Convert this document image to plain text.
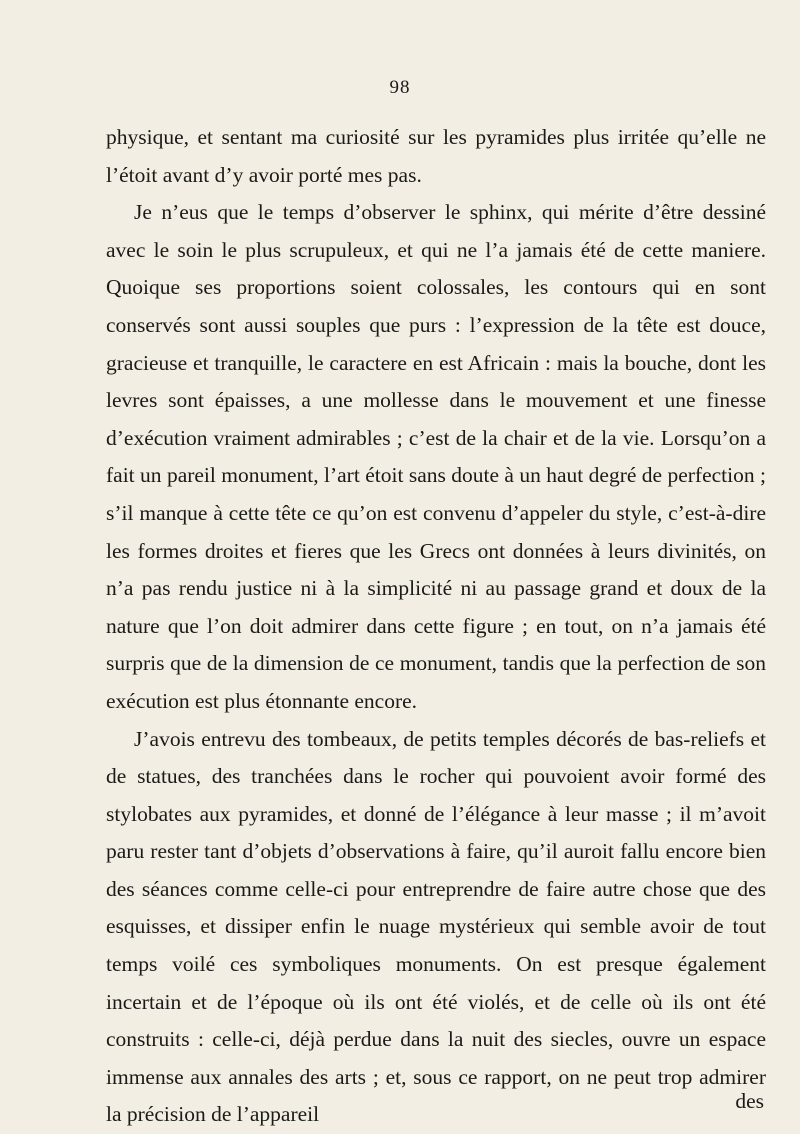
98

physique, et sentant ma curiosité sur les pyramides plus irritée qu’elle ne l’étoit avant d’y avoir porté mes pas.

Je n’eus que le temps d’observer le sphinx, qui mérite d’être dessiné avec le soin le plus scrupuleux, et qui ne l’a jamais été de cette maniere. Quoique ses proportions soient colossales, les contours qui en sont conservés sont aussi souples que purs : l’expression de la tête est douce, gracieuse et tranquille, le caractere en est Africain : mais la bouche, dont les levres sont épaisses, a une mollesse dans le mouvement et une finesse d’exécution vraiment admirables ; c’est de la chair et de la vie. Lorsqu’on a fait un pareil monument, l’art étoit sans doute à un haut degré de perfection ; s’il manque à cette tête ce qu’on est convenu d’appeler du style, c’est-à-dire les formes droites et fieres que les Grecs ont données à leurs divinités, on n’a pas rendu justice ni à la simplicité ni au passage grand et doux de la nature que l’on doit admirer dans cette figure ; en tout, on n’a jamais été surpris que de la dimension de ce monument, tandis que la perfection de son exécution est plus étonnante encore.

J’avois entrevu des tombeaux, de petits temples décorés de bas-reliefs et de statues, des tranchées dans le rocher qui pouvoient avoir formé des stylobates aux pyramides, et donné de l’élégance à leur masse ; il m’avoit paru rester tant d’objets d’observations à faire, qu’il auroit fallu encore bien des séances comme celle-ci pour entreprendre de faire autre chose que des esquisses, et dissiper enfin le nuage mystérieux qui semble avoir de tout temps voilé ces symboliques monuments. On est presque également incertain et de l’époque où ils ont été violés, et de celle où ils ont été construits : celle-ci, déjà perdue dans la nuit des siecles, ouvre un espace immense aux annales des arts ; et, sous ce rapport, on ne peut trop admirer la précision de l’appareil

des
